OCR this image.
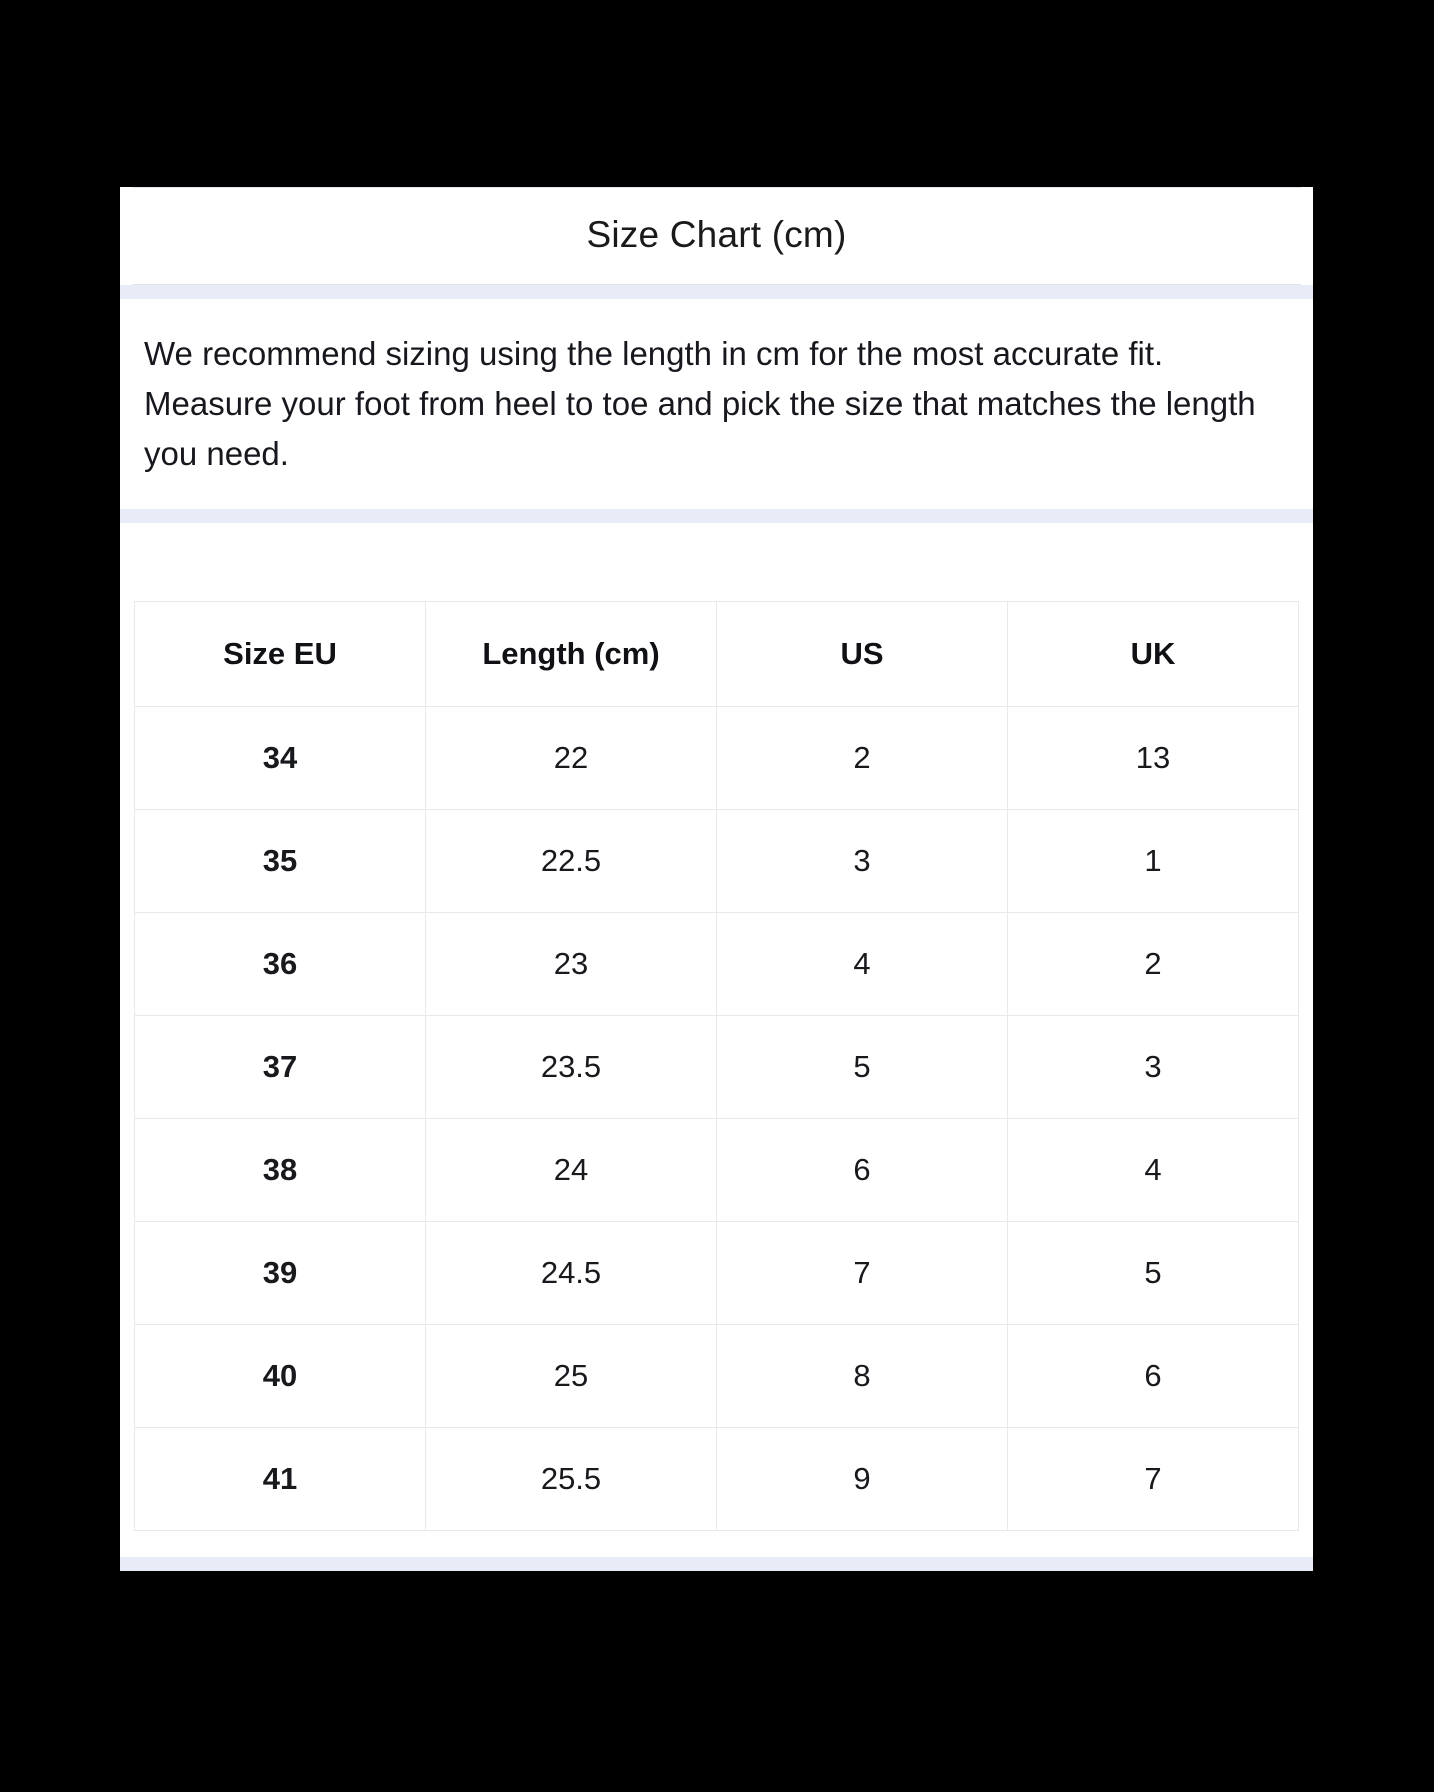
Size Chart (cm)

We recommend sizing using the length in cm for the most accurate fit. Measure your foot from heel to toe and pick the size that matches the length you need.

Size EU	Length (cm)	US	UK
34	22	2	13
35	22.5	3	1
36	23	4	2
37	23.5	5	3
38	24	6	4
39	24.5	7	5
40	25	8	6
41	25.5	9	7
